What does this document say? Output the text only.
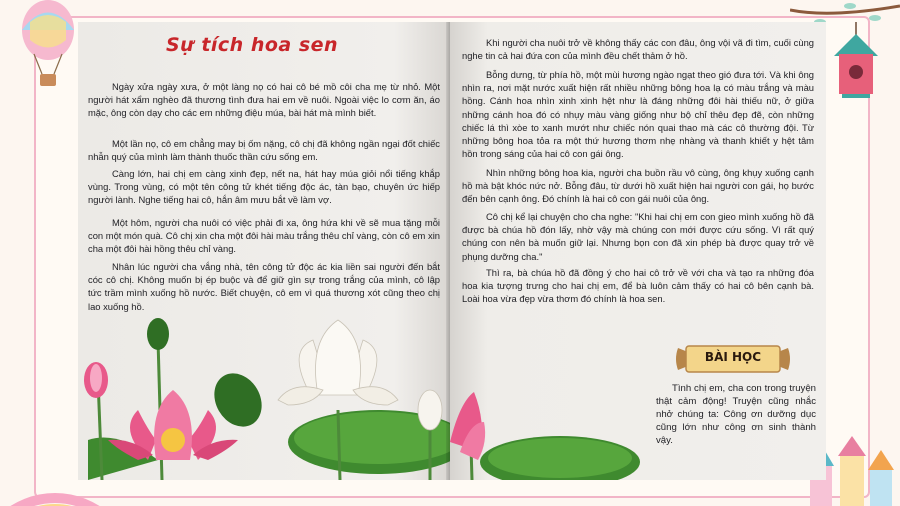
Sự tích hoa sen

Ngày xửa ngày xưa, ở một làng nọ có hai cô bé mồ côi cha mẹ từ nhỏ. Một người hát xẩm nghèo đã thương tình đưa hai em về nuôi. Ngoài việc lo cơm ăn, áo mặc, ông còn dạy cho các em những điệu múa, bài hát mà mình biết.

Một lần nọ, cô em chẳng may bị ốm nặng, cô chị đã không ngần ngại đốt chiếc nhẫn quý của mình làm thành thuốc thần cứu sống em.

Càng lớn, hai chị em càng xinh đẹp, nết na, hát hay múa giỏi nổi tiếng khắp vùng. Trong vùng, có một tên công tử khét tiếng độc ác, tàn bạo, chuyên ức hiếp người lành. Nghe tiếng hai cô, hắn âm mưu bắt về làm vợ.

Một hôm, người cha nuôi có việc phải đi xa, ông hứa khi về sẽ mua tặng mỗi con một món quà. Cô chị xin cha một đôi hài màu trắng thêu chỉ vàng, còn cô em xin cha một đôi hài hồng thêu chỉ vàng.

Nhân lúc người cha vắng nhà, tên công tử độc ác kia liền sai người đến bắt cóc cô chị. Không muốn bị ép buộc và để giữ gìn sự trong trắng của mình, cô lập tức trầm mình xuống hồ nước. Biết chuyện, cô em vì quá thương xót cũng theo chị lao xuống hồ.

Khi người cha nuôi trở về không thấy các con đâu, ông vội vã đi tìm, cuối cùng nghe tin cả hai đứa con của mình đều chết thảm ở hồ.

Bỗng dưng, từ phía hồ, một mùi hương ngào ngạt theo gió đưa tới. Và khi ông nhìn ra, nơi mặt nước xuất hiện rất nhiều những bông hoa lạ có màu trắng và màu hồng. Cánh hoa nhìn xinh xinh hệt như là đáng những đôi hài thiếu nữ, ở giữa những cánh hoa đó có nhụy màu vàng giống như bộ chỉ thêu đẹp đẽ, còn những chiếc lá thì xòe to xanh mướt như chiếc nón quai thao mà các cô thường đội. Từ những bông hoa tỏa ra một thứ hương thơm nhẹ nhàng và thanh khiết y hệt tâm hồn trong sáng của hai cô con gái ông.

Nhìn những bông hoa kia, người cha buồn rầu vô cùng, ông khụy xuống cạnh hồ mà bật khóc nức nở. Bỗng đâu, từ dưới hồ xuất hiện hai người con gái, họ bước đến bên cạnh ông. Đó chính là hai cô con gái nuôi của ông.

Cô chị kể lại chuyện cho cha nghe: "Khi hai chị em con gieo mình xuống hồ đã được bà chúa hồ đón lấy, nhờ vậy mà chúng con mới được cứu sống. Vì rất quý chúng con nên bà muốn giữ lại. Nhưng bọn con đã xin phép bà được quay trở về phụng dưỡng cha."

Thì ra, bà chúa hồ đã đồng ý cho hai cô trở về với cha và tạo ra những đóa hoa kia tượng trưng cho hai chị em, để bà luôn cảm thấy có hai cô bên cạnh bà. Loài hoa vừa đẹp vừa thơm đó chính là hoa sen.

BÀI HỌC

Tình chị em, cha con trong truyện thật cảm động! Truyện cũng nhắc nhở chúng ta: Công ơn dưỡng dục cũng lớn như công ơn sinh thành vậy.
